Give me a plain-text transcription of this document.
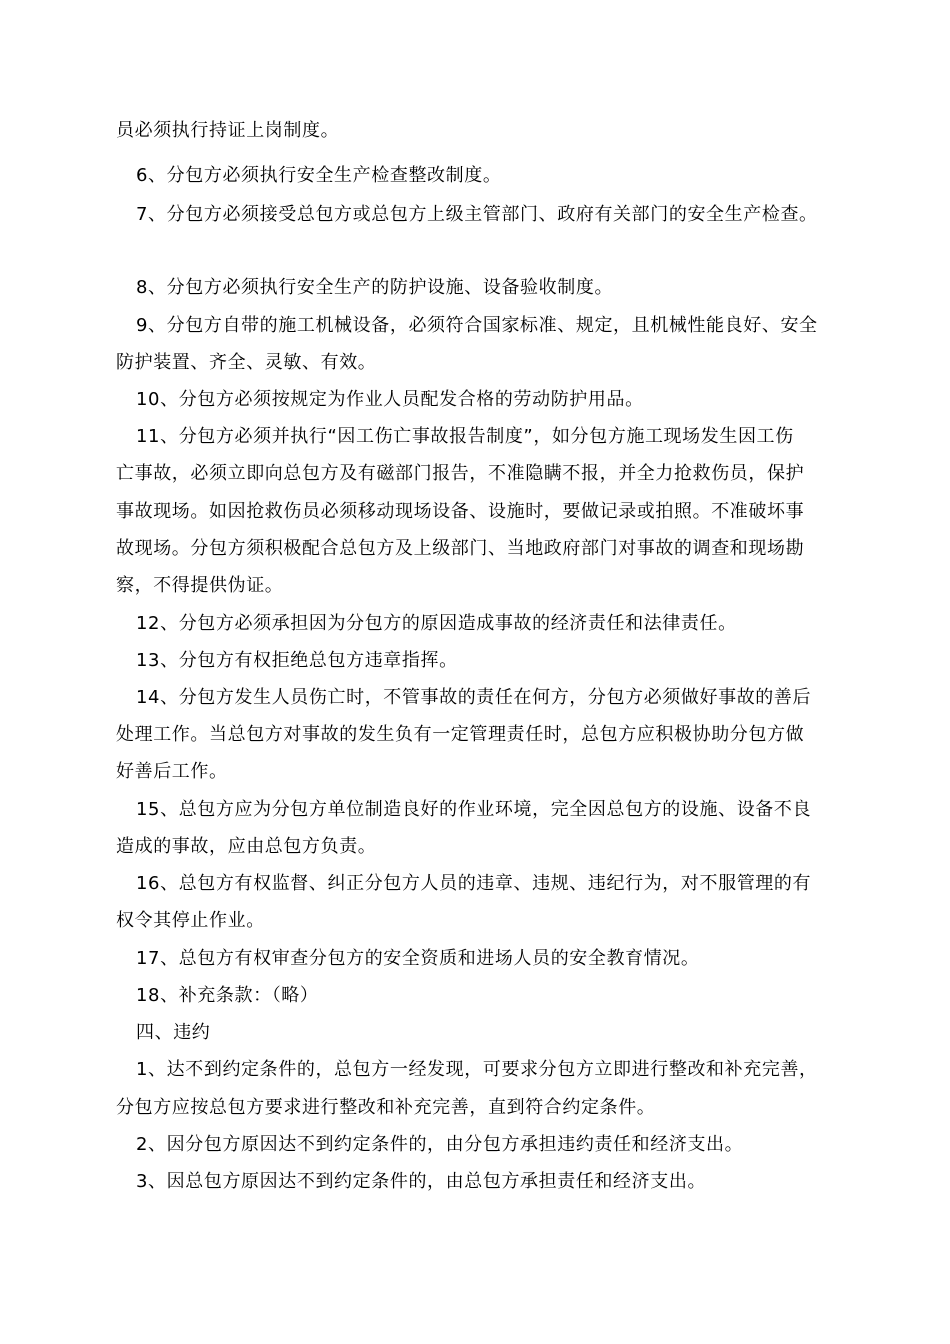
员必须执行持证上岗制度。
6、分包方必须执行安全生产检查整改制度。
7、分包方必须接受总包方或总包方上级主管部门、政府有关部门的安全生产检查。
8、分包方必须执行安全生产的防护设施、设备验收制度。
9、分包方自带的施工机械设备，必须符合国家标准、规定，且机械性能良好、安全
防护装置、齐全、灵敏、有效。
10、分包方必须按规定为作业人员配发合格的劳动防护用品。
11、分包方必须并执行“因工伤亡事故报告制度”，如分包方施工现场发生因工伤
亡事故，必须立即向总包方及有磁部门报告，不准隐瞒不报，并全力抢救伤员，保护
事故现场。如因抢救伤员必须移动现场设备、设施时，要做记录或拍照。不准破坏事
故现场。分包方须积极配合总包方及上级部门、当地政府部门对事故的调查和现场勘
察，不得提供伪证。
12、分包方必须承担因为分包方的原因造成事故的经济责任和法律责任。
13、分包方有权拒绝总包方违章指挥。
14、分包方发生人员伤亡时，不管事故的责任在何方，分包方必须做好事故的善后
处理工作。当总包方对事故的发生负有一定管理责任时，总包方应积极协助分包方做
好善后工作。
15、总包方应为分包方单位制造良好的作业环境，完全因总包方的设施、设备不良
造成的事故，应由总包方负责。
16、总包方有权监督、纠正分包方人员的违章、违规、违纪行为，对不服管理的有
权令其停止作业。
17、总包方有权审查分包方的安全资质和进场人员的安全教育情况。
18、补充条款：（略）
四、违约
1、达不到约定条件的，总包方一经发现，可要求分包方立即进行整改和补充完善，
分包方应按总包方要求进行整改和补充完善，直到符合约定条件。
2、因分包方原因达不到约定条件的，由分包方承担违约责任和经济支出。
3、因总包方原因达不到约定条件的，由总包方承担责任和经济支出。
